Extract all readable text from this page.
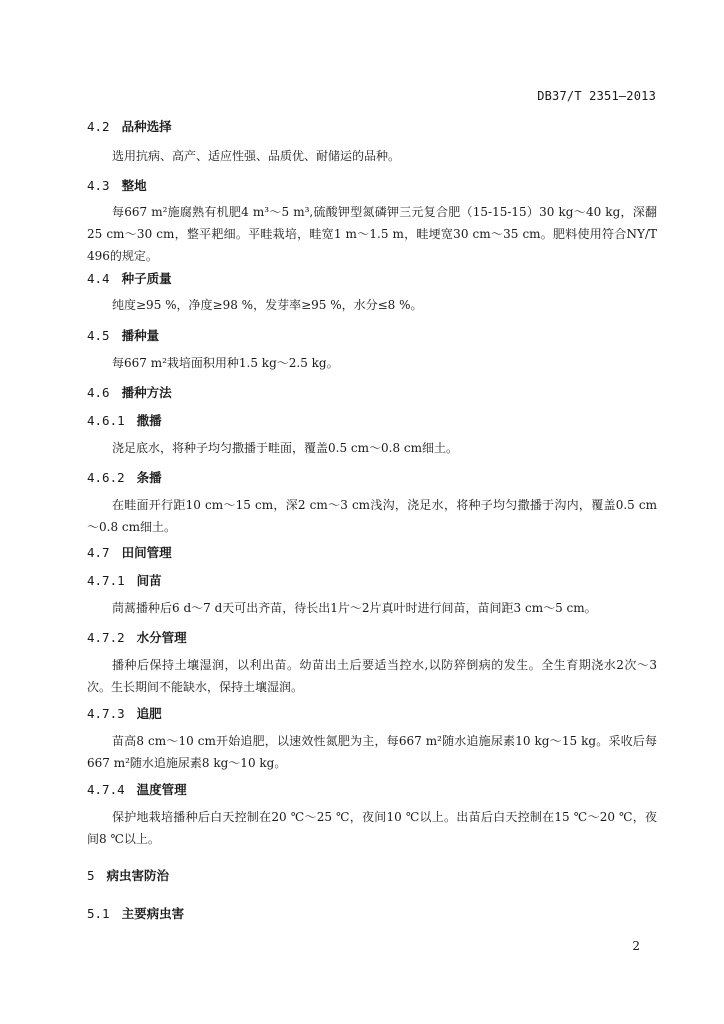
DB37/T 2351—2013
4.2 品种选择
选用抗病、高产、适应性强、品质优、耐储运的品种。
4.3 整地
每667 m²施腐熟有机肥4 m³～5 m³,硫酸钾型氮磷钾三元复合肥（15-15-15）30 kg～40 kg，深翻25 cm～30 cm，整平耙细。平畦栽培，畦宽1 m～1.5 m，畦埂宽30 cm～35 cm。肥料使用符合NY/T 496的规定。
4.4 种子质量
纯度≥95 %，净度≥98 %，发芽率≥95 %，水分≤8 %。
4.5 播种量
每667 m²栽培面积用种1.5 kg～2.5 kg。
4.6 播种方法
4.6.1 撒播
浇足底水，将种子均匀撒播于畦面，覆盖0.5 cm～0.8 cm细土。
4.6.2 条播
在畦面开行距10 cm～15 cm，深2 cm～3 cm浅沟，浇足水，将种子均匀撒播于沟内，覆盖0.5 cm～0.8 cm细土。
4.7 田间管理
4.7.1 间苗
茼蒿播种后6 d～7 d天可出齐苗，待长出1片～2片真叶时进行间苗，苗间距3 cm～5 cm。
4.7.2 水分管理
播种后保持土壤湿润，以利出苗。幼苗出土后要适当控水,以防猝倒病的发生。全生育期浇水2次～3次。生长期间不能缺水，保持土壤湿润。
4.7.3 追肥
苗高8 cm～10 cm开始追肥，以速效性氮肥为主，每667 m²随水追施尿素10 kg～15 kg。采收后每667 m²随水追施尿素8 kg～10 kg。
4.7.4 温度管理
保护地栽培播种后白天控制在20 ℃～25 ℃，夜间10 ℃以上。出苗后白天控制在15 ℃～20 ℃，夜间8 ℃以上。
5 病虫害防治
5.1 主要病虫害
2
